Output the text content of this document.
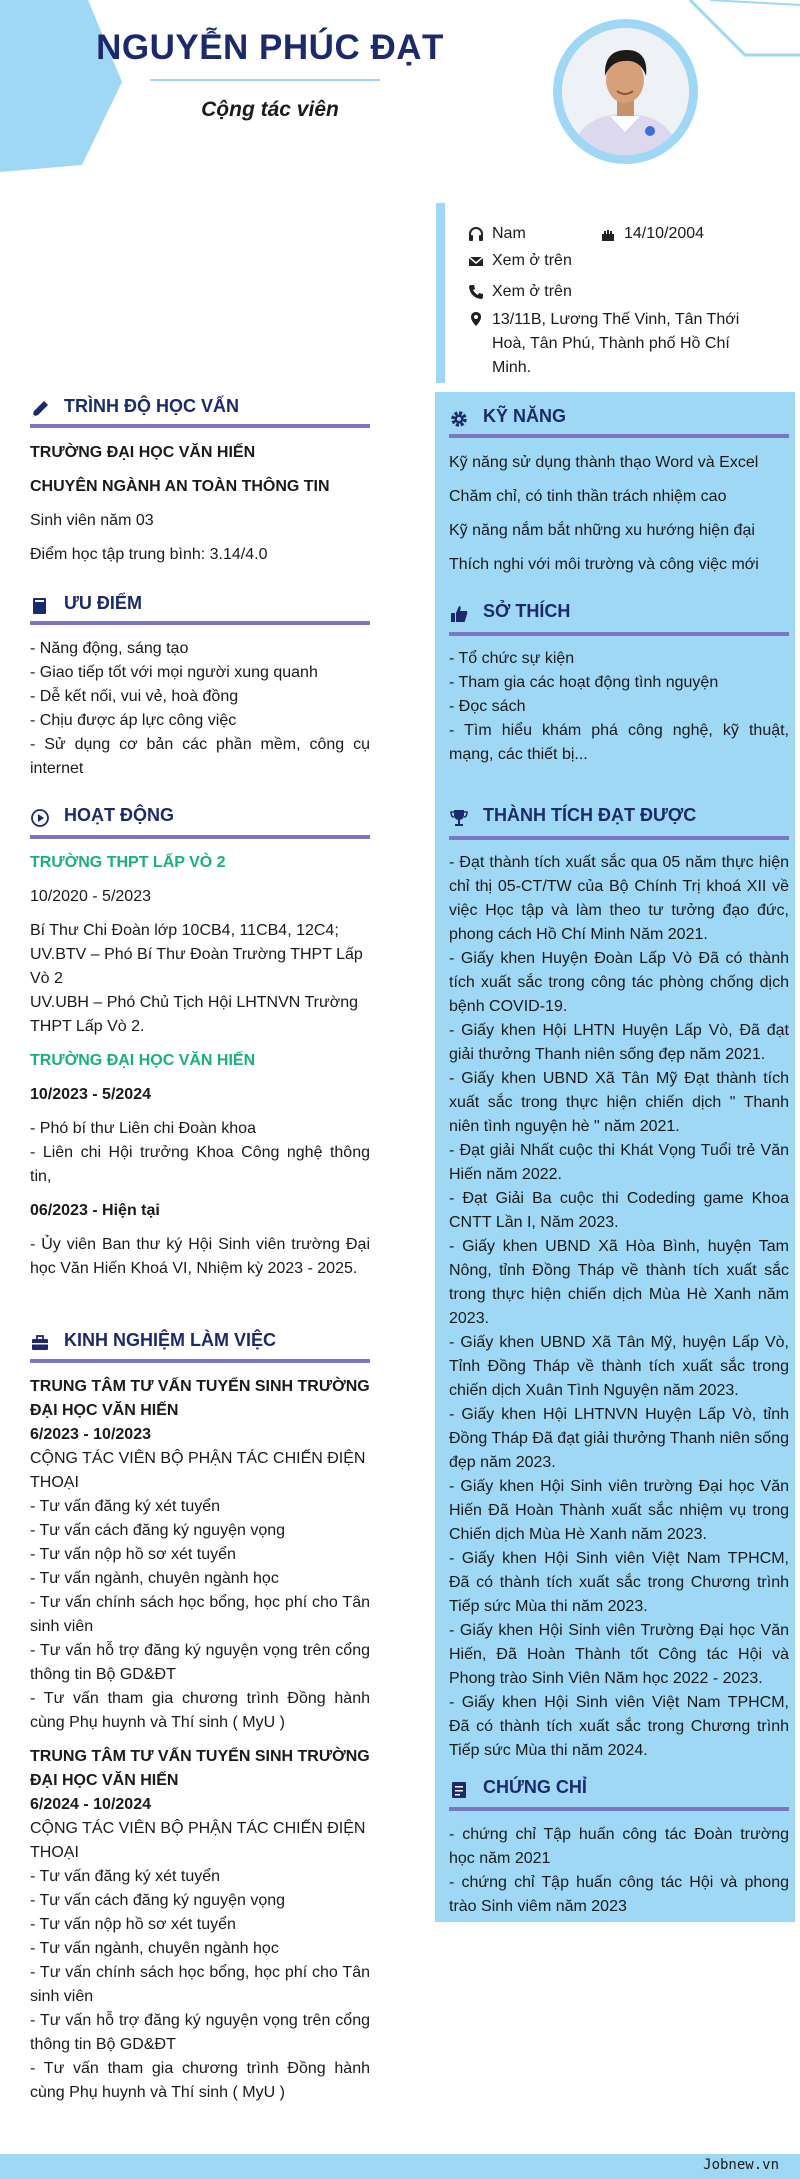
NGUYỄN PHÚC ĐẠT
Cộng tác viên
Nam	14/10/2004
Xem ở trên
Xem ở trên
13/11B, Lương Thế Vinh, Tân Thới Hoà, Tân Phú, Thành phố Hồ Chí Minh.
TRÌNH ĐỘ HỌC VẤN
TRƯỜNG ĐẠI HỌC VĂN HIẾN
CHUYÊN NGÀNH AN TOÀN THÔNG TIN
Sinh viên năm 03
Điểm học tập trung bình: 3.14/4.0
ƯU ĐIỂM
- Năng động, sáng tạo
- Giao tiếp tốt với mọi người xung quanh
- Dễ kết nối, vui vẻ, hoà đồng
- Chịu được áp lực công việc
- Sử dụng cơ bản các phần mềm, công cụ internet
HOẠT ĐỘNG
TRƯỜNG THPT LẤP VÒ 2
10/2020 - 5/2023
Bí Thư Chi Đoàn lớp 10CB4, 11CB4, 12C4;
UV.BTV – Phó Bí Thư Đoàn Trường THPT Lấp Vò 2
UV.UBH – Phó Chủ Tịch Hội LHTNVN Trường THPT Lấp Vò 2.
TRƯỜNG ĐẠI HỌC VĂN HIẾN
10/2023 - 5/2024
- Phó bí thư Liên chi Đoàn khoa
- Liên chi Hội trưởng Khoa Công nghệ thông tin,
06/2023 - Hiện tại
- Ủy viên Ban thư ký Hội Sinh viên trường Đại học Văn Hiến Khoá VI, Nhiệm kỳ 2023 - 2025.
KINH NGHIỆM LÀM VIỆC
TRUNG TÂM TƯ VẤN TUYỂN SINH TRƯỜNG ĐẠI HỌC VĂN HIẾN
6/2023 - 10/2023
CỘNG TÁC VIÊN BỘ PHẬN TÁC CHIẾN ĐIỆN THOẠI
- Tư vấn đăng ký xét tuyển
- Tư vấn cách đăng ký nguyện vọng
- Tư vấn nộp hồ sơ xét tuyển
- Tư vấn ngành, chuyên ngành học
- Tư vấn chính sách học bổng, học phí cho Tân sinh viên
- Tư vấn hỗ trợ đăng ký nguyện vọng trên cổng thông tin Bộ GD&ĐT
- Tư vấn tham gia chương trình Đồng hành cùng Phụ huynh và Thí sinh ( MyU )
TRUNG TÂM TƯ VẤN TUYỂN SINH TRƯỜNG ĐẠI HỌC VĂN HIẾN
6/2024 - 10/2024
CỘNG TÁC VIÊN BỘ PHẬN TÁC CHIẾN ĐIỆN THOẠI
- Tư vấn đăng ký xét tuyển
- Tư vấn cách đăng ký nguyện vọng
- Tư vấn nộp hồ sơ xét tuyển
- Tư vấn ngành, chuyên ngành học
- Tư vấn chính sách học bổng, học phí cho Tân sinh viên
- Tư vấn hỗ trợ đăng ký nguyện vọng trên cổng thông tin Bộ GD&ĐT
- Tư vấn tham gia chương trình Đồng hành cùng Phụ huynh và Thí sinh ( MyU )
KỸ NĂNG
Kỹ năng sử dụng thành thạo Word và Excel
Chăm chỉ, có tinh thần trách nhiệm cao
Kỹ năng nắm bắt những xu hướng hiện đại
Thích nghi với môi trường và công việc mới
SỞ THÍCH
- Tổ chức sự kiện
- Tham gia các hoạt động tình nguyện
- Đọc sách
- Tìm hiểu khám phá công nghệ, kỹ thuật, mạng, các thiết bị...
THÀNH TÍCH ĐẠT ĐƯỢC
- Đạt thành tích xuất sắc qua 05 năm thực hiện chỉ thị 05-CT/TW của Bộ Chính Trị khoá XII về việc Học tập và làm theo tư tưởng đạo đức, phong cách Hồ Chí Minh Năm 2021.
- Giấy khen Huyện Đoàn Lấp Vò Đã có thành tích xuất sắc trong công tác phòng chống dịch bệnh COVID-19.
- Giấy khen Hội LHTN Huyện Lấp Vò, Đã đạt giải thưởng Thanh niên sống đẹp năm 2021.
- Giấy khen UBND Xã Tân Mỹ Đạt thành tích xuất sắc trong thực hiện chiến dịch " Thanh niên tình nguyện hè " năm 2021.
- Đạt giải Nhất cuộc thi Khát Vọng Tuổi trẻ Văn Hiến năm 2022.
- Đạt Giải Ba cuộc thi Codeding game Khoa CNTT Lần I, Năm 2023.
- Giấy khen UBND Xã Hòa Bình, huyện Tam Nông, tỉnh Đồng Tháp về thành tích xuất sắc trong thực hiện chiến dịch Mùa Hè Xanh năm 2023.
- Giấy khen UBND Xã Tân Mỹ, huyện Lấp Vò, Tỉnh Đồng Tháp về thành tích xuất sắc trong chiến dịch Xuân Tình Nguyện năm 2023.
- Giấy khen Hội LHTNVN Huyện Lấp Vò, tỉnh Đồng Tháp Đã đạt giải thưởng Thanh niên sống đẹp năm 2023.
- Giấy khen Hội Sinh viên trường Đại học Văn Hiến Đã Hoàn Thành xuất sắc nhiệm vụ trong Chiến dịch Mùa Hè Xanh năm 2023.
- Giấy khen Hội Sinh viên Việt Nam TPHCM, Đã có thành tích xuất sắc trong Chương trình Tiếp sức Mùa thi năm 2023.
- Giấy khen Hội Sinh viên Trường Đại học Văn Hiến, Đã Hoàn Thành tốt Công tác Hội và Phong trào Sinh Viên Năm học 2022 - 2023.
- Giấy khen Hội Sinh viên Việt Nam TPHCM, Đã có thành tích xuất sắc trong Chương trình Tiếp sức Mùa thi năm 2024.
CHỨNG CHỈ
- chứng chỉ Tập huấn công tác Đoàn trường học năm 2021
- chứng chỉ Tập huấn công tác Hội và phong trào Sinh viêm năm 2023
Jobnew.vn
